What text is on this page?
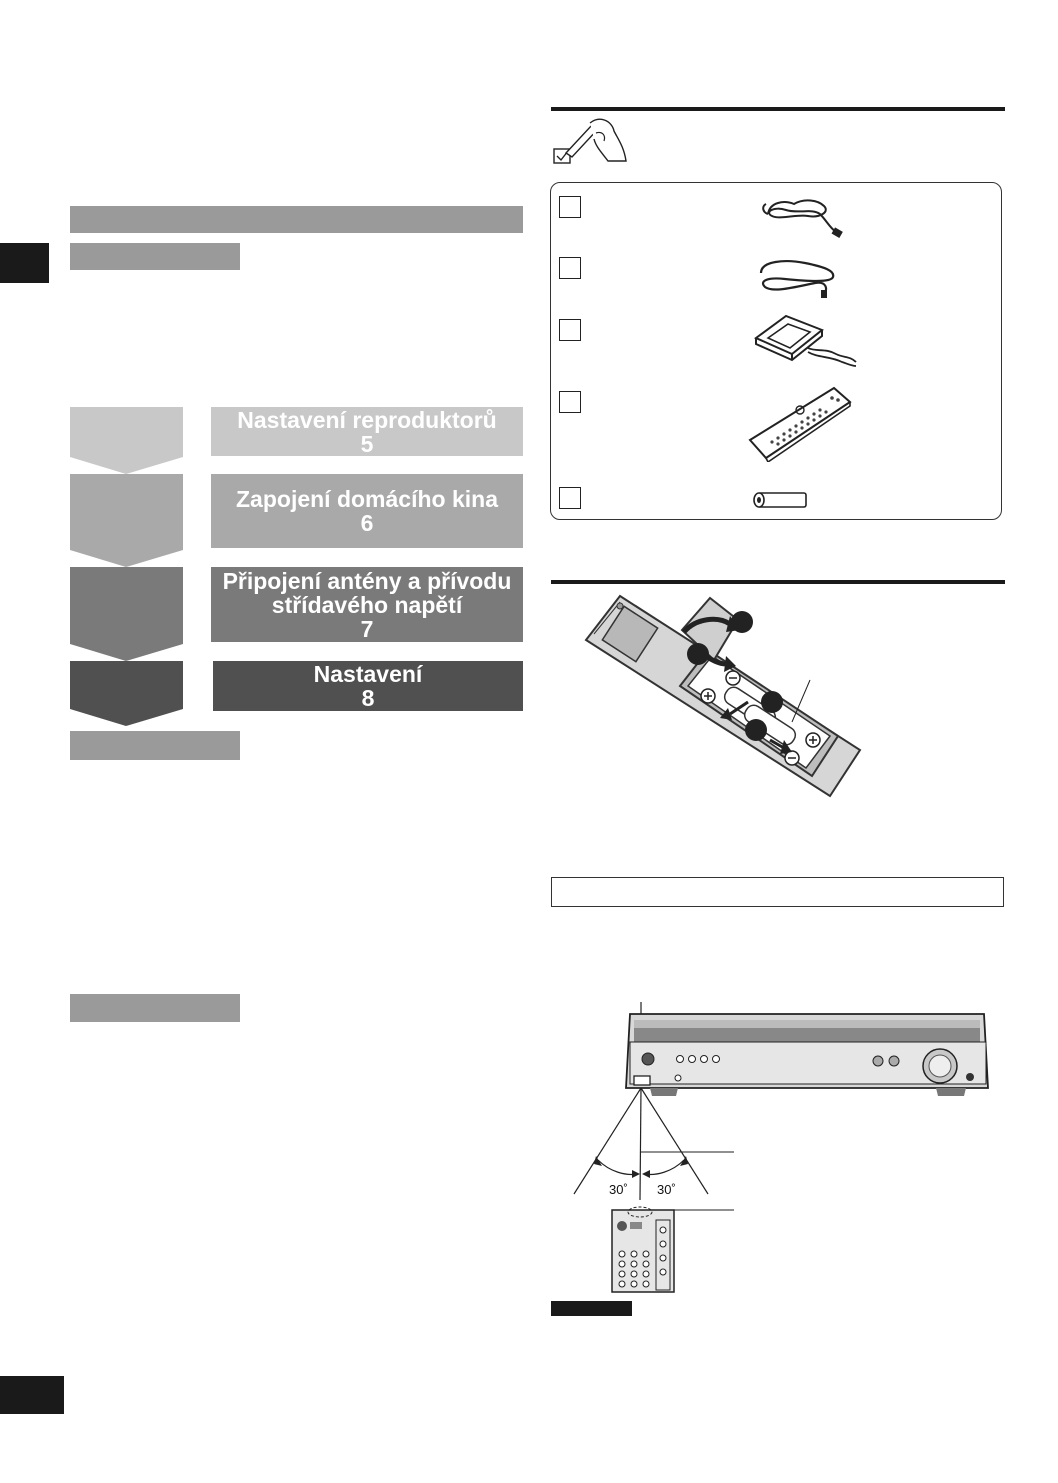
Nastavení reproduktorů
5
Zapojení domácího kina
6
Připojení antény a přívodu střídavého napětí
7
Nastavení
8
30˚ 30˚
